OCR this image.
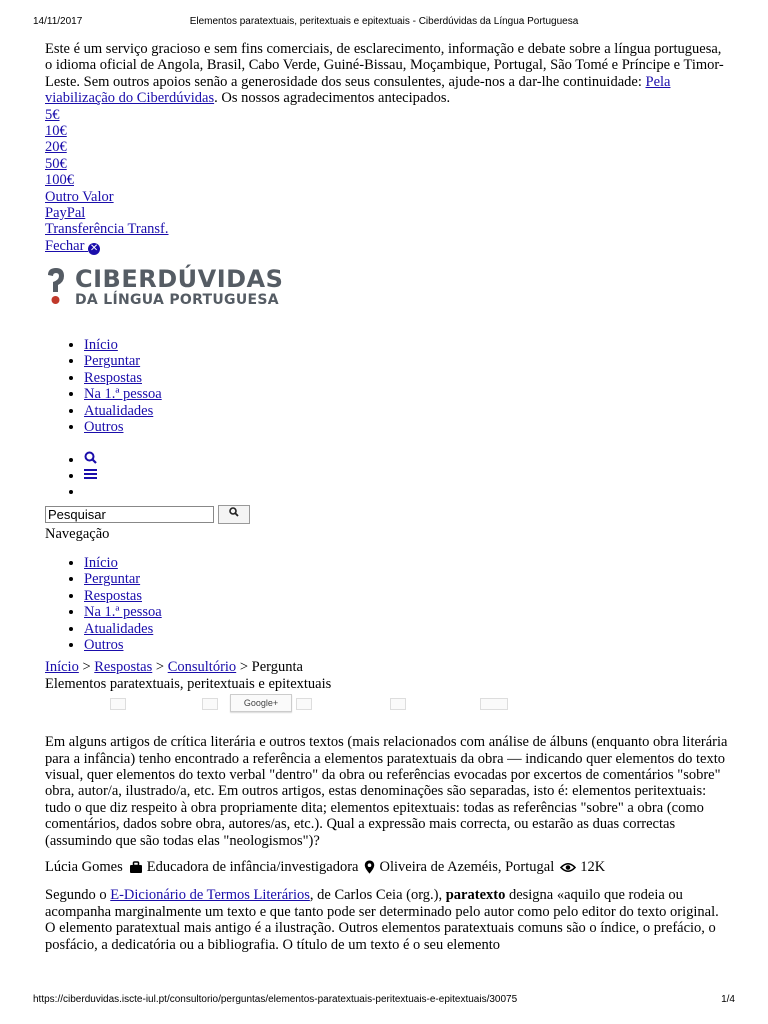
14/11/2017	Elementos paratextuais, peritextuais e epitextuais - Ciberdúvidas da Língua Portuguesa

Este é um serviço gracioso e sem fins comerciais, de esclarecimento, informação e debate sobre a língua portuguesa, o idioma oficial de Angola, Brasil, Cabo Verde, Guiné-Bissau, Moçambique, Portugal, São Tomé e Príncipe e Timor-Leste. Sem outros apoios senão a generosidade dos seus consulentes, ajude-nos a dar-lhe continuidade: Pela viabilização do Ciberdúvidas. Os nossos agradecimentos antecipados.

5€
10€
20€
50€
100€
Outro Valor
PayPal
Transferência Transf.
Fechar ✕
CIBERDÚVIDAS
DA LÍNGUA PORTUGUESA
• Início
• Perguntar
• Respostas
• Na 1.ª pessoa
• Atualidades
• Outros
•
•
•
Pesquisar
Navegação
• Início
• Perguntar
• Respostas
• Na 1.ª pessoa
• Atualidades
• Outros
Início > Respostas > Consultório > Pergunta
Elementos paratextuais, peritextuais e epitextuais
Google+

Em alguns artigos de crítica literária e outros textos (mais relacionados com análise de álbuns (enquanto obra literária para a infância) tenho encontrado a referência a elementos paratextuais da obra — indicando quer elementos do texto visual, quer elementos do texto verbal "dentro" da obra ou referências evocadas por excertos de comentários "sobre" obra, autor/a, ilustrado/a, etc. Em outros artigos, estas denominações são separadas, isto é: elementos peritextuais: tudo o que diz respeito à obra propriamente dita; elementos epitextuais: todas as referências "sobre" a obra (como comentários, dados sobre obra, autores/as, etc.). Qual a expressão mais correcta, ou estarão as duas correctas (assumindo que são todas elas "neologismos")?

Lúcia Gomes Educadora de infância/investigadora Oliveira de Azeméis, Portugal 12K

Segundo o E-Dicionário de Termos Literários, de Carlos Ceia (org.), paratexto designa «aquilo que rodeia ou acompanha marginalmente um texto e que tanto pode ser determinado pelo autor como pelo editor do texto original. O elemento paratextual mais antigo é a ilustração. Outros elementos paratextuais comuns são o índice, o prefácio, o posfácio, a dedicatória ou a bibliografia. O título de um texto é o seu elemento

https://ciberduvidas.iscte-iul.pt/consultorio/perguntas/elementos-paratextuais-peritextuais-e-epitextuais/30075	1/4
